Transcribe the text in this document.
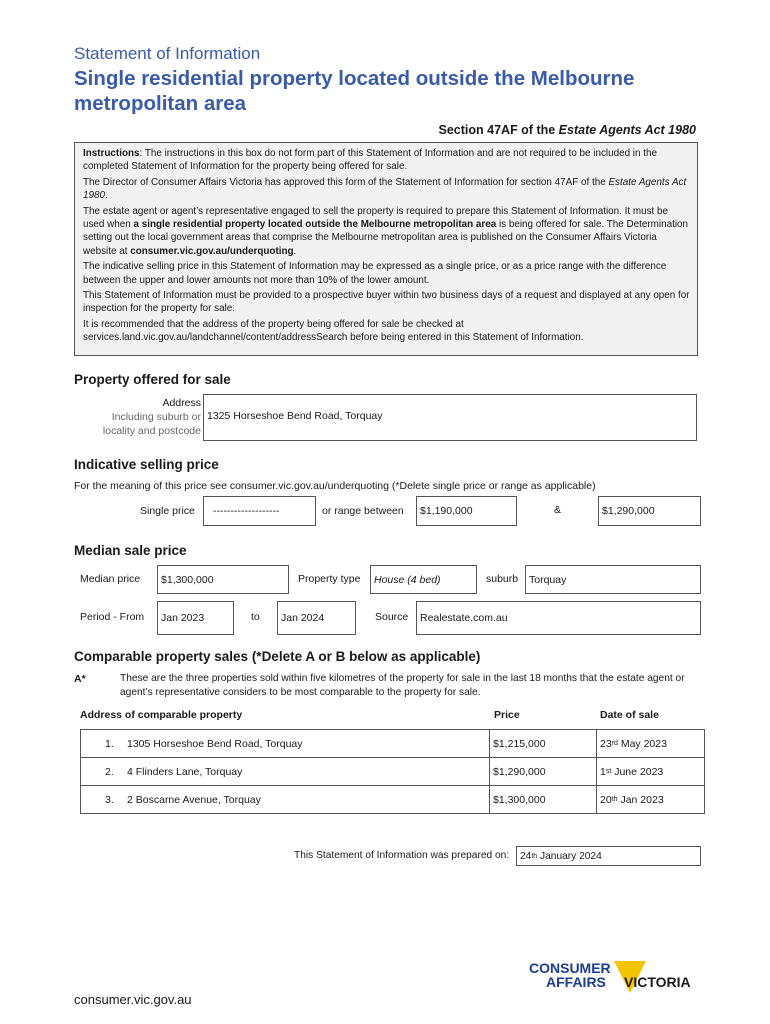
Statement of Information
Single residential property located outside the Melbourne metropolitan area
Section 47AF of the Estate Agents Act 1980

Instructions: The instructions in this box do not form part of this Statement of Information and are not required to be included in the completed Statement of Information for the property being offered for sale.

The Director of Consumer Affairs Victoria has approved this form of the Statement of Information for section 47AF of the Estate Agents Act 1980.

The estate agent or agent’s representative engaged to sell the property is required to prepare this Statement of Information. It must be used when a single residential property located outside the Melbourne metropolitan area is being offered for sale. The Determination setting out the local government areas that comprise the Melbourne metropolitan area is published on the Consumer Affairs Victoria website at consumer.vic.gov.au/underquoting.

The indicative selling price in this Statement of Information may be expressed as a single price, or as a price range with the difference between the upper and lower amounts not more than 10% of the lower amount.

This Statement of Information must be provided to a prospective buyer within two business days of a request and displayed at any open for inspection for the property for sale.

It is recommended that the address of the property being offered for sale be checked at services.land.vic.gov.au/landchannel/content/addressSearch before being entered in this Statement of Information.

Property offered for sale
Address
Including suburb or
locality and postcode
1325 Horseshoe Bend Road, Torquay
Indicative selling price
For the meaning of this price see consumer.vic.gov.au/underquoting (*Delete single price or range as applicable)
Single price	-------------------	or range between $1,190,000	&	$1,290,000
Median sale price
Median price $1,300,000	Property type House (4 bed)	suburb Torquay
Period - From Jan 2023	to Jan 2024	Source Realestate.com.au
Comparable property sales (*Delete A or B below as applicable)
A*	These are the three properties sold within five kilometres of the property for sale in the last 18 months that the estate agent or agent’s representative considers to be most comparable to the property for sale.
Address of comparable property	Price	Date of sale
1. 1305 Horseshoe Bend Road, Torquay	$1,215,000	23 rd May 2023
2. 4 Flinders Lane, Torquay	$1,290,000	1 st June 2023
3. 2 Boscarne Avenue, Torquay	$1,300,000	20 th Jan 2023
This Statement of Information was prepared on: 24 th January 2024
CONSUMER
AFFAIRS VICTORIA
consumer.vic.gov.au
